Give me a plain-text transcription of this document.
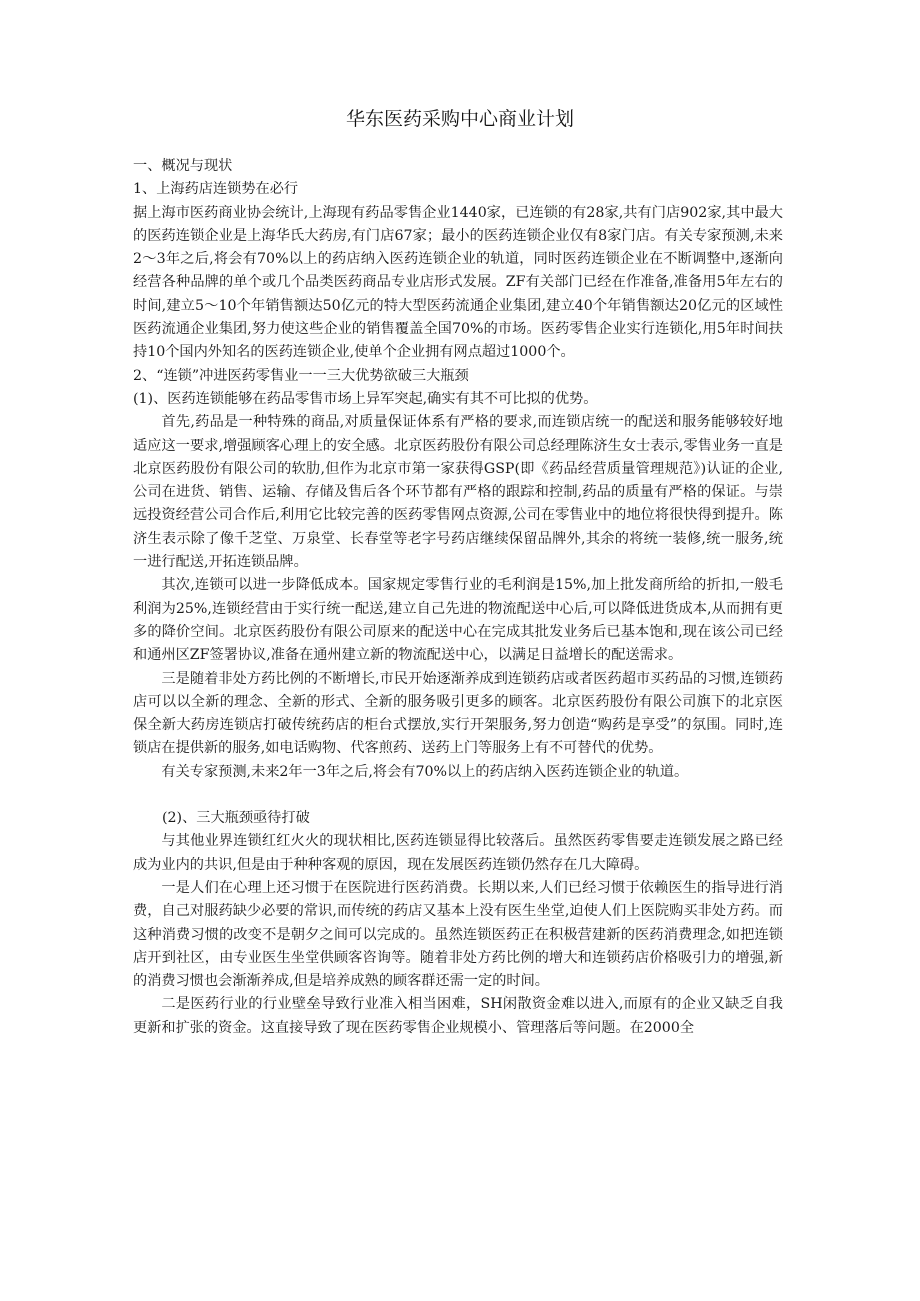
华东医药采购中心商业计划

一、概况与现状

1、上海药店连锁势在必行

据上海市医药商业协会统计,上海现有药品零售企业1440家，已连锁的有28家,共有门店902家,其中最大的医药连锁企业是上海华氏大药房,有门店67家；最小的医药连锁企业仅有8家门店。有关专家预测,未来2～3年之后,将会有70%以上的药店纳入医药连锁企业的轨道，同时医药连锁企业在不断调整中,逐渐向经营各种品牌的单个或几个品类医药商品专业店形式发展。ZF有关部门已经在作准备,准备用5年左右的时间,建立5～10个年销售额达50亿元的特大型医药流通企业集团,建立40个年销售额达20亿元的区域性医药流通企业集团,努力使这些企业的销售覆盖全国70%的市场。医药零售企业实行连锁化,用5年时间扶持10个国内外知名的医药连锁企业,使单个企业拥有网点超过1000个。

2、“连锁”冲进医药零售业一一三大优势欲破三大瓶颈

(1)、医药连锁能够在药品零售市场上异军突起,确实有其不可比拟的优势。

首先,药品是一种特殊的商品,对质量保证体系有严格的要求,而连锁店统一的配送和服务能够较好地适应这一要求,增强顾客心理上的安全感。北京医药股份有限公司总经理陈济生女士表示,零售业务一直是北京医药股份有限公司的软肋,但作为北京市第一家获得GSP(即《药品经营质量管理规范》)认证的企业,公司在进货、销售、运输、存储及售后各个环节都有严格的跟踪和控制,药品的质量有严格的保证。与崇远投资经营公司合作后,利用它比较完善的医药零售网点资源,公司在零售业中的地位将很快得到提升。陈济生表示除了像千芝堂、万泉堂、长春堂等老字号药店继续保留品牌外,其余的将统一装修,统一服务,统一进行配送,开拓连锁品牌。

其次,连锁可以进一步降低成本。国家规定零售行业的毛利润是15%,加上批发商所给的折扣,一般毛利润为25%,连锁经营由于实行统一配送,建立自己先进的物流配送中心后,可以降低进货成本,从而拥有更多的降价空间。北京医药股份有限公司原来的配送中心在完成其批发业务后已基本饱和,现在该公司已经和通州区ZF签署协议,准备在通州建立新的物流配送中心，以满足日益增长的配送需求。

三是随着非处方药比例的不断增长,市民开始逐渐养成到连锁药店或者医药超市买药品的习惯,连锁药店可以以全新的理念、全新的形式、全新的服务吸引更多的顾客。北京医药股份有限公司旗下的北京医保全新大药房连锁店打破传统药店的柜台式摆放,实行开架服务,努力创造“购药是享受”的氛围。同时,连锁店在提供新的服务,如电话购物、代客煎药、送药上门等服务上有不可替代的优势。

有关专家预测,未来2年一3年之后,将会有70%以上的药店纳入医药连锁企业的轨道。

(2)、三大瓶颈亟待打破

与其他业界连锁红红火火的现状相比,医药连锁显得比较落后。虽然医药零售要走连锁发展之路已经成为业内的共识,但是由于种种客观的原因，现在发展医药连锁仍然存在几大障碍。

一是人们在心理上还习惯于在医院进行医药消费。长期以来,人们已经习惯于依赖医生的指导进行消费，自己对服药缺少必要的常识,而传统的药店又基本上没有医生坐堂,迫使人们上医院购买非处方药。而这种消费习惯的改变不是朝夕之间可以完成的。虽然连锁医药正在积极营建新的医药消费理念,如把连锁店开到社区，由专业医生坐堂供顾客咨询等。随着非处方药比例的增大和连锁药店价格吸引力的增强,新的消费习惯也会渐渐养成,但是培养成熟的顾客群还需一定的时间。

二是医药行业的行业壁垒导致行业准入相当困难，SH闲散资金难以进入,而原有的企业又缺乏自我更新和扩张的资金。这直接导致了现在医药零售企业规模小、管理落后等问题。在2000全
